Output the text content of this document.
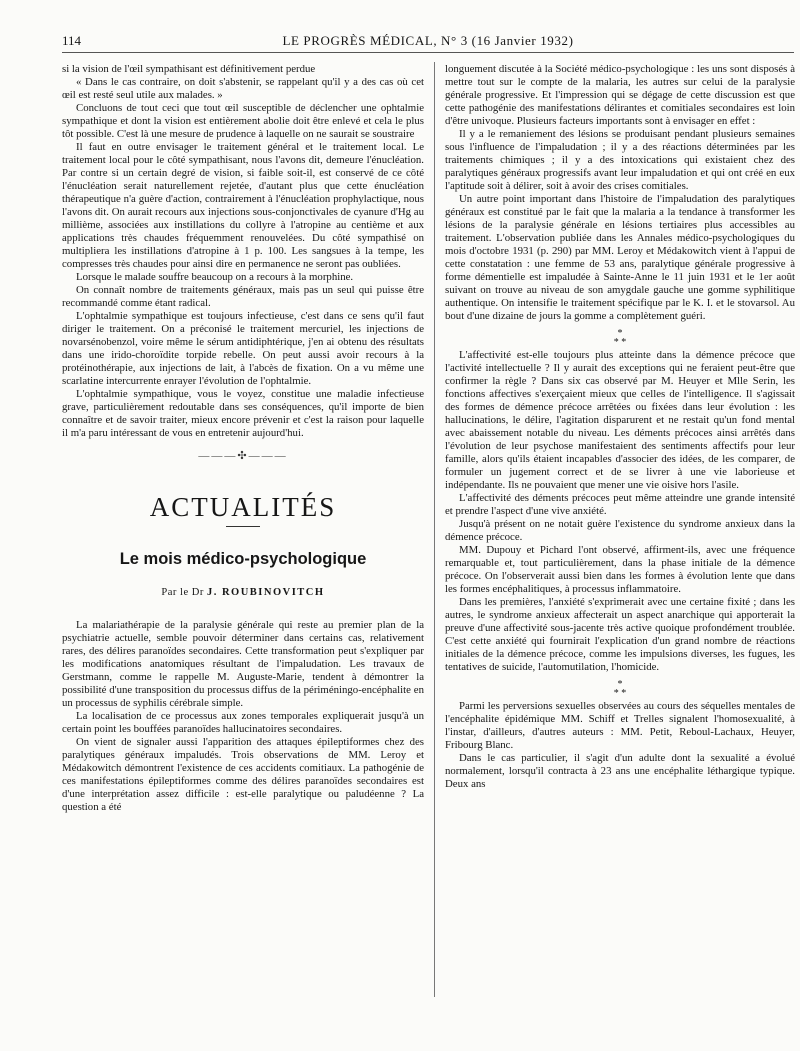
114	LE PROGRÈS MÉDICAL, N° 3 (16 Janvier 1932)

si la vision de l'œil sympathisant est définitivement perdue

« Dans le cas contraire, on doit s'abstenir, se rappelant qu'il y a des cas où cet œil est resté seul utile aux malades. »

Concluons de tout ceci que tout œil susceptible de déclencher une ophtalmie sympathique et dont la vision est entièrement abolie doit être enlevé et cela le plus tôt possible. C'est là une mesure de prudence à laquelle on ne saurait se soustraire

Il faut en outre envisager le traitement général et le traitement local. Le traitement local pour le côté sympathisant, nous l'avons dit, demeure l'énucléation. Par contre si un certain degré de vision, si faible soit-il, est conservé de ce côté l'énucléation serait naturellement rejetée, d'autant plus que cette énucléation thérapeutique n'a guère d'action, contrairement à l'énucléation prophylactique, nous l'avons dit. On aurait recours aux injections sous-conjonctivales de cyanure d'Hg au millième, associées aux instillations du collyre à l'atropine au centième et aux applications très chaudes fréquemment renouvelées. Du côté sympathisé on multipliera les instillations d'atropine à 1 p. 100. Les sangsues à la tempe, les compresses très chaudes pour ainsi dire en permanence ne seront pas oubliées.

Lorsque le malade souffre beaucoup on a recours à la morphine.

On connaît nombre de traitements généraux, mais pas un seul qui puisse être recommandé comme étant radical.

L'ophtalmie sympathique est toujours infectieuse, c'est dans ce sens qu'il faut diriger le traitement. On a préconisé le traitement mercuriel, les injections de novarsénobenzol, voire même le sérum antidiphtérique, j'en ai obtenu des résultats dans une irido-choroïdite torpide rebelle. On peut aussi avoir recours à la protéinothérapie, aux injections de lait, à l'abcès de fixation. On a vu même une scarlatine intercurrente enrayer l'évolution de l'ophtalmie.

L'ophtalmie sympathique, vous le voyez, constitue une maladie infectieuse grave, particulièrement redoutable dans ses conséquences, qu'il importe de bien connaître et de savoir traiter, mieux encore prévenir et c'est la raison pour laquelle il m'a paru intéressant de vous en entretenir aujourd'hui.

———✣———
ACTUALITÉS
Le mois médico-psychologique
Par le Dr J. ROUBINOVITCH

La malariathérapie de la paralysie générale qui reste au premier plan de la psychiatrie actuelle, semble pouvoir déterminer dans certains cas, relativement rares, des délires paranoïdes secondaires. Cette transformation peut s'expliquer par les modifications anatomiques résultant de l'impaludation. Les travaux de Gerstmann, comme le rappelle M. Auguste-Marie, tendent à démontrer la possibilité d'une transposition du processus diffus de la périméningo-encéphalite en un processus de syphilis cérébrale simple.

La localisation de ce processus aux zones temporales expliquerait jusqu'à un certain point les bouffées paranoïdes hallucinatoires secondaires.

On vient de signaler aussi l'apparition des attaques épileptiformes chez des paralytiques généraux impaludés. Trois observations de MM. Leroy et Médakowitch démontrent l'existence de ces accidents comitiaux. La pathogénie de ces manifestations épileptiformes comme des délires paranoïdes secondaires est d'une interprétation assez difficile : est-elle paralytique ou paludéenne ? La question a été

longuement discutée à la Société médico-psychologique : les uns sont disposés à mettre tout sur le compte de la malaria, les autres sur celui de la paralysie générale progressive. Et l'impression qui se dégage de cette discussion est que cette pathogénie des manifestations délirantes et comitiales secondaires est loin d'être univoque. Plusieurs facteurs importants sont à envisager en effet :

Il y a le remaniement des lésions se produisant pendant plusieurs semaines sous l'influence de l'impaludation ; il y a des réactions déterminées par les traitements chimiques ; il y a des intoxications qui existaient chez des paralytiques généraux progressifs avant leur impaludation et qui ont créé en eux l'aptitude soit à délirer, soit à avoir des crises comitiales.

Un autre point important dans l'histoire de l'impaludation des paralytiques généraux est constitué par le fait que la malaria a la tendance à transformer les lésions de la paralysie générale en lésions tertiaires plus accessibles au traitement. L'observation publiée dans les Annales médico-psychologiques du mois d'octobre 1931 (p. 290) par MM. Leroy et Médakowitch vient à l'appui de cette constatation : une femme de 53 ans, paralytique générale progressive à forme démentielle est impaludée à Sainte-Anne le 11 juin 1931 et le 1er août suivant on trouve au niveau de son amygdale gauche une gomme syphilitique authentique. On intensifie le traitement spécifique par le K. I. et le stovarsol. Au bout d'une dizaine de jours la gomme a complètement guéri.

*
* *

L'affectivité est-elle toujours plus atteinte dans la démence précoce que l'activité intellectuelle ? Il y aurait des exceptions qui ne feraient peut-être que confirmer la règle ? Dans six cas observé par M. Heuyer et Mlle Serin, les fonctions affectives s'exerçaient mieux que celles de l'intelligence. Il s'agissait des formes de démence précoce arrêtées ou fixées dans leur évolution : les hallucinations, le délire, l'agitation disparurent et ne restait qu'un fond mental avec abaissement notable du niveau. Les déments précoces ainsi arrêtés dans l'évolution de leur psychose manifestaient des sentiments affectifs pour leur famille, alors qu'ils étaient incapables d'associer des idées, de les comparer, de formuler un jugement correct et de se livrer à une vie laborieuse et indépendante. Ils ne pouvaient que mener une vie oisive hors l'asile.

L'affectivité des déments précoces peut même atteindre une grande intensité et prendre l'aspect d'une vive anxiété.

Jusqu'à présent on ne notait guère l'existence du syndrome anxieux dans la démence précoce.

MM. Dupouy et Pichard l'ont observé, affirment-ils, avec une fréquence remarquable et, tout particulièrement, dans la phase initiale de la démence précoce. On l'observerait aussi bien dans les formes à évolution lente que dans les formes encéphalitiques, à processus inflammatoire.

Dans les premières, l'anxiété s'exprimerait avec une certaine fixité ; dans les autres, le syndrome anxieux affecterait un aspect anarchique qui apporterait la preuve d'une affectivité sous-jacente très active quoique profondément troublée. C'est cette anxiété qui fournirait l'explication d'un grand nombre de réactions initiales de la démence précoce, comme les impulsions diverses, les fugues, les tentatives de suicide, l'automutilation, l'homicide.

*
* *

Parmi les perversions sexuelles observées au cours des séquelles mentales de l'encéphalite épidémique MM. Schiff et Trelles signalent l'homosexualité, à l'instar, d'ailleurs, d'autres auteurs : MM. Petit, Reboul-Lachaux, Heuyer, Fribourg Blanc.

Dans le cas particulier, il s'agit d'un adulte dont la sexualité a évolué normalement, lorsqu'il contracta à 23 ans une encéphalite léthargique typique. Deux ans
